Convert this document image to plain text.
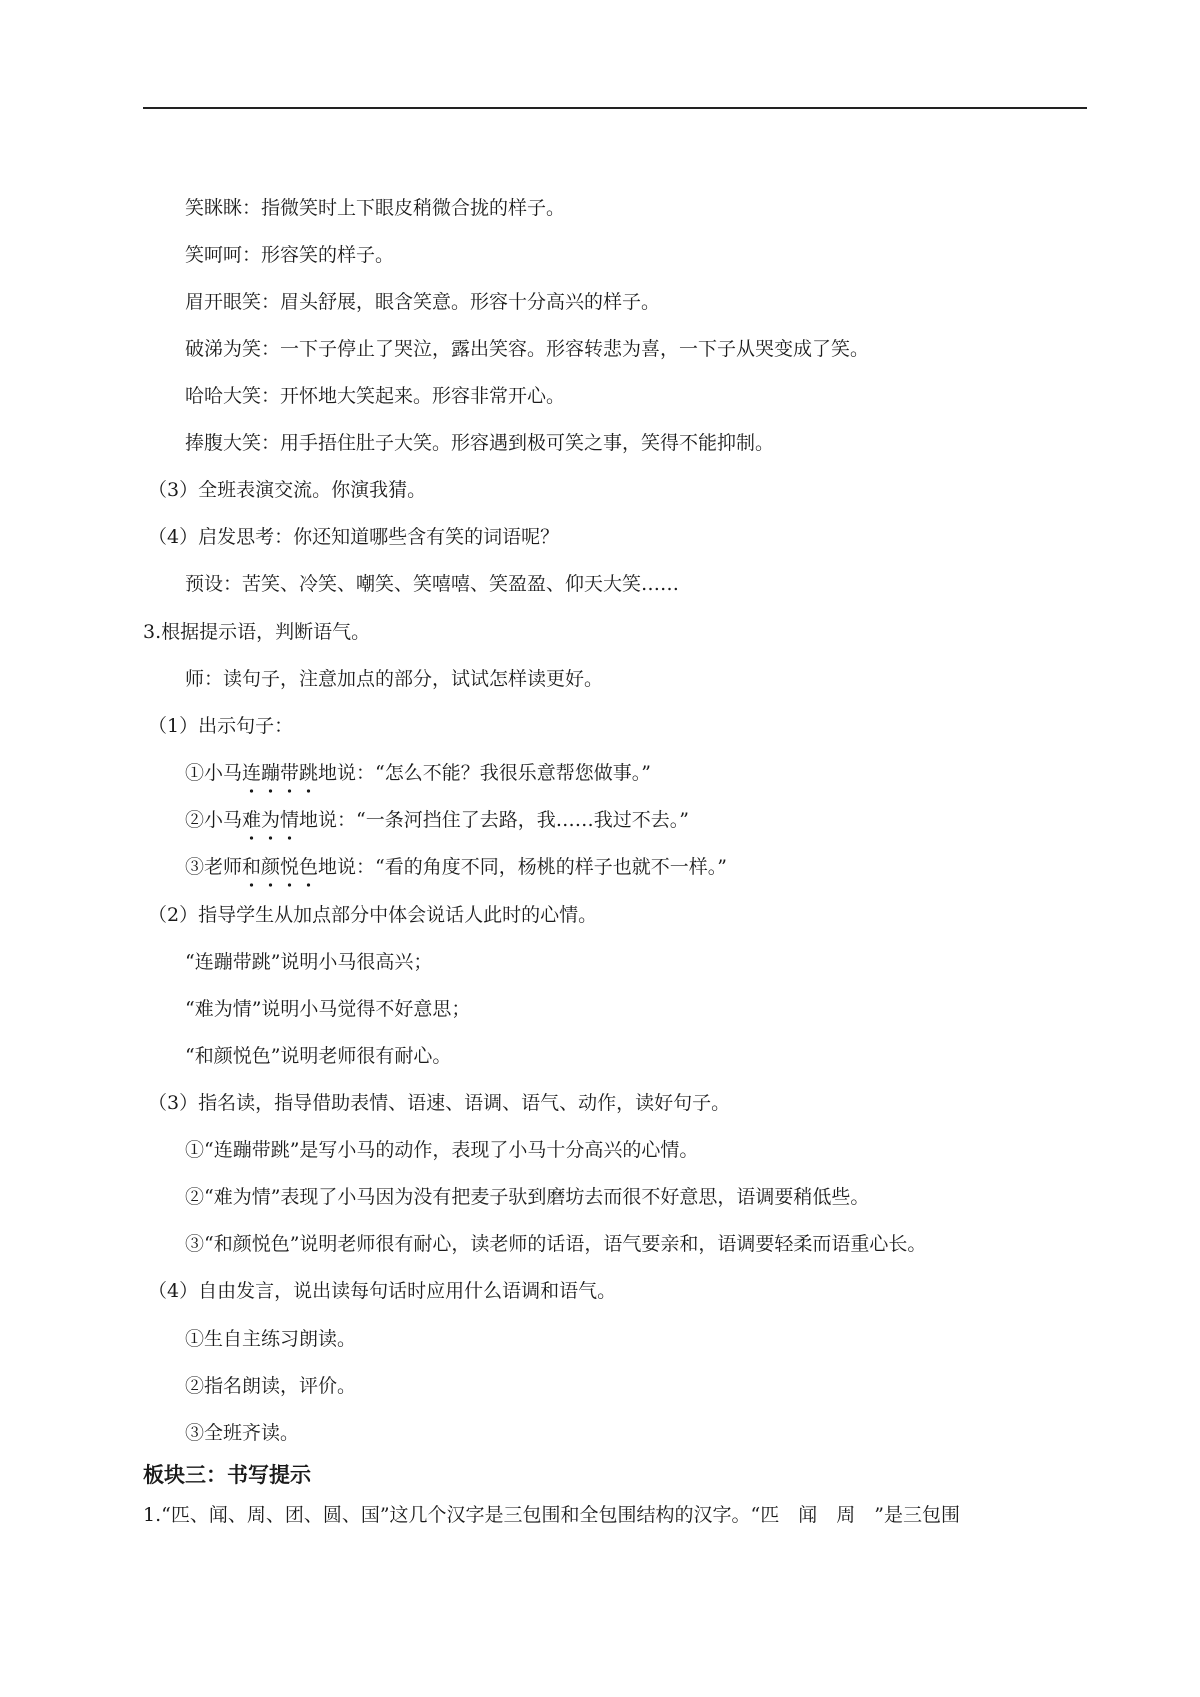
笑眯眯：指微笑时上下眼皮稍微合拢的样子。
笑呵呵：形容笑的样子。
眉开眼笑：眉头舒展，眼含笑意。形容十分高兴的样子。
破涕为笑：一下子停止了哭泣，露出笑容。形容转悲为喜，一下子从哭变成了笑。
哈哈大笑：开怀地大笑起来。形容非常开心。
捧腹大笑：用手捂住肚子大笑。形容遇到极可笑之事，笑得不能抑制。
（3）全班表演交流。你演我猜。
（4）启发思考：你还知道哪些含有笑的词语呢？
预设：苦笑、冷笑、嘲笑、笑嘻嘻、笑盈盈、仰天大笑……
3.根据提示语，判断语气。
师：读句子，注意加点的部分，试试怎样读更好。
（1）出示句子：
①小马连蹦带跳地说：“怎么不能？我很乐意帮您做事。”
②小马难为情地说：“一条河挡住了去路，我……我过不去。”
③老师和颜悦色地说：“看的角度不同，杨桃的样子也就不一样。”
（2）指导学生从加点部分中体会说话人此时的心情。
“连蹦带跳”说明小马很高兴；
“难为情”说明小马觉得不好意思；
“和颜悦色”说明老师很有耐心。
（3）指名读，指导借助表情、语速、语调、语气、动作，读好句子。
①“连蹦带跳”是写小马的动作，表现了小马十分高兴的心情。
②“难为情”表现了小马因为没有把麦子驮到磨坊去而很不好意思，语调要稍低些。
③“和颜悦色”说明老师很有耐心，读老师的话语，语气要亲和，语调要轻柔而语重心长。
（4）自由发言，说出读每句话时应用什么语调和语气。
①生自主练习朗读。
②指名朗读，评价。
③全班齐读。
板块三：书写提示
1.“匹、闻、周、团、圆、国”这几个汉字是三包围和全包围结构的汉字。“匹　闻　周　”是三包围
